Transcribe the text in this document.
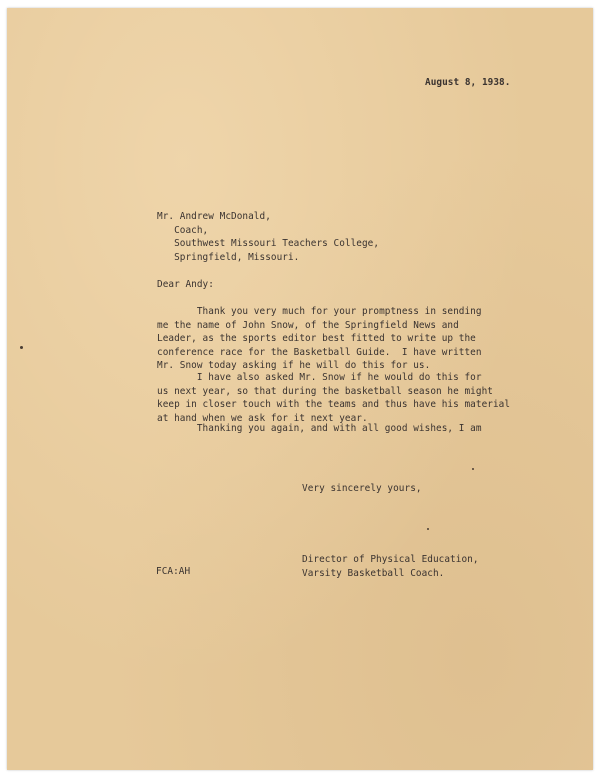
August 8, 1938.
Mr. Andrew McDonald,
Coach,
Southwest Missouri Teachers College,
Springfield, Missouri.
Dear Andy:
Thank you very much for your promptness in sending
me the name of John Snow, of the Springfield News and
Leader, as the sports editor best fitted to write up the
conference race for the Basketball Guide.  I have written
Mr. Snow today asking if he will do this for us.
I have also asked Mr. Snow if he would do this for
us next year, so that during the basketball season he might
keep in closer touch with the teams and thus have his material
at hand when we ask for it next year.
Thanking you again, and with all good wishes, I am
Very sincerely yours,
Director of Physical Education,
Varsity Basketball Coach.
FCA:AH
